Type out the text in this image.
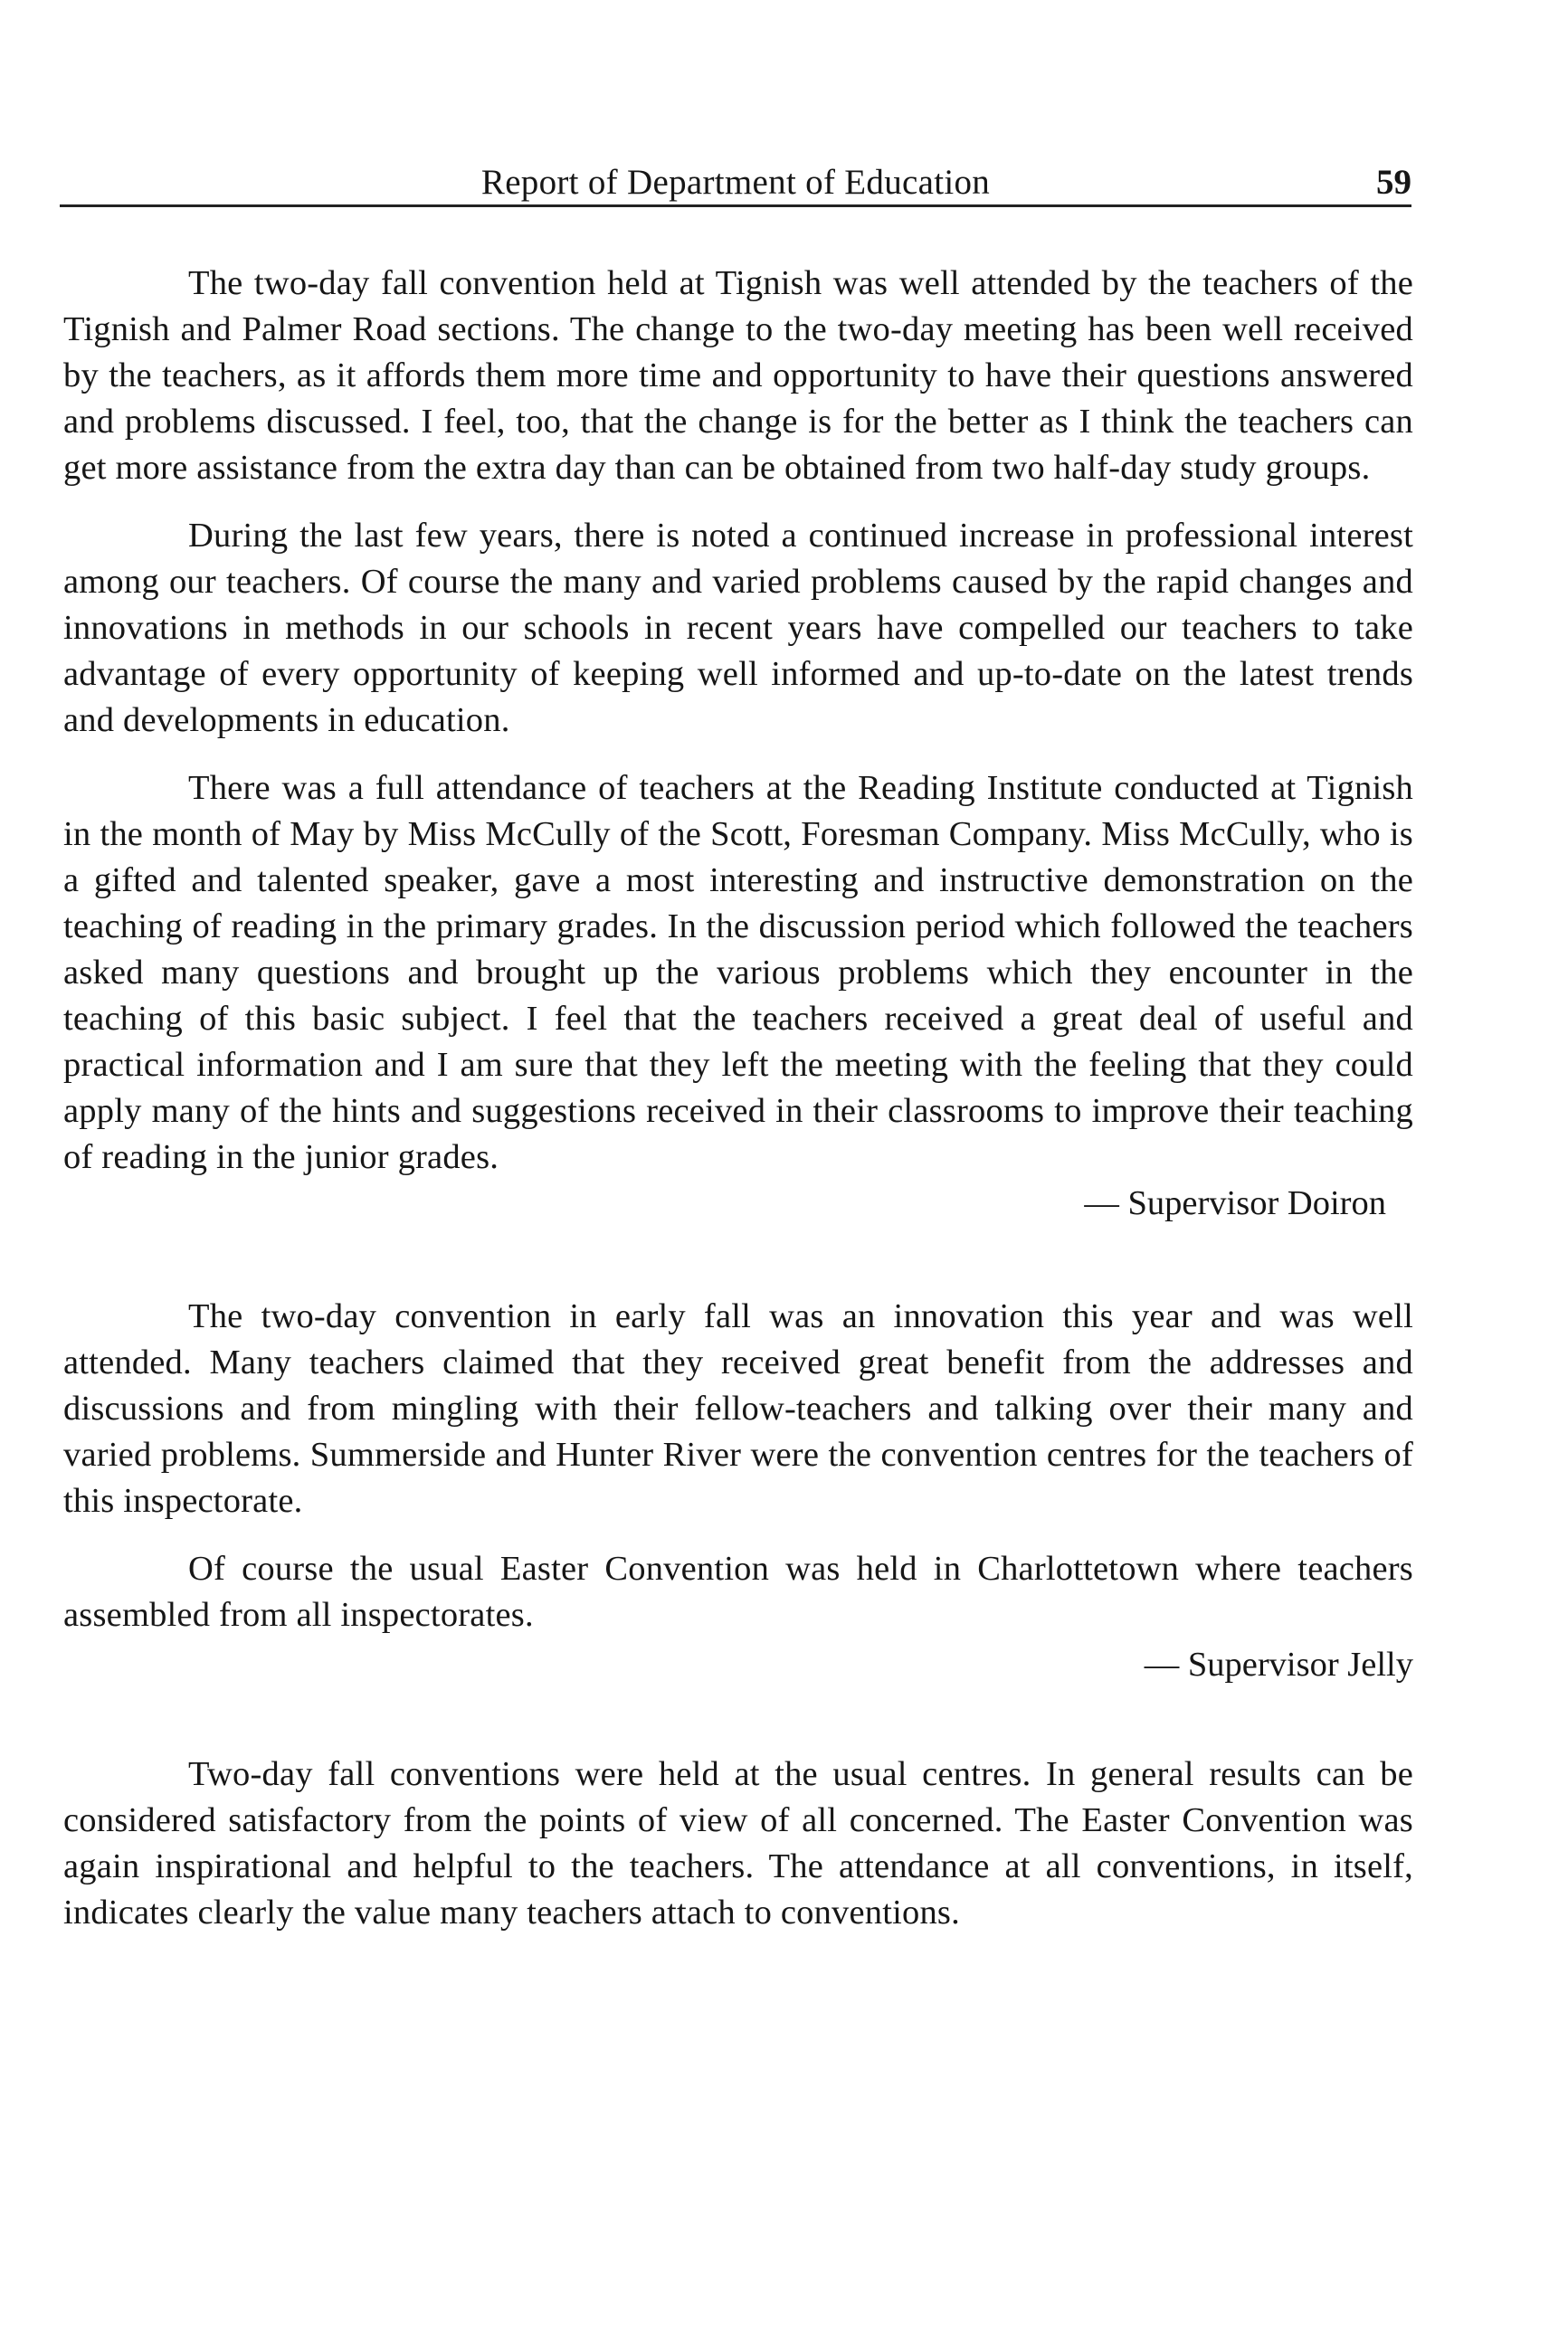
Report of Department of Education	59

The two-day fall convention held at Tignish was well attended by the teachers of the Tignish and Palmer Road sections. The change to the two-day meeting has been well received by the teachers, as it affords them more time and opportunity to have their questions answered and problems discussed. I feel, too, that the change is for the better as I think the teachers can get more assistance from the extra day than can be obtained from two half-day study groups.

During the last few years, there is noted a continued increase in professional interest among our teachers. Of course the many and varied problems caused by the rapid changes and innovations in methods in our schools in recent years have compelled our teachers to take advantage of every opportunity of keeping well informed and up-to-date on the latest trends and developments in education.

There was a full attendance of teachers at the Reading Institute conducted at Tignish in the month of May by Miss McCully of the Scott, Foresman Company. Miss McCully, who is a gifted and talented speaker, gave a most interesting and instructive demonstration on the teaching of reading in the primary grades. In the discussion period which followed the teachers asked many questions and brought up the various problems which they encounter in the teaching of this basic subject. I feel that the teachers received a great deal of useful and practical information and I am sure that they left the meeting with the feeling that they could apply many of the hints and suggestions received in their classrooms to improve their teaching of reading in the junior grades.

— Supervisor Doiron

The two-day convention in early fall was an innovation this year and was well attended. Many teachers claimed that they received great benefit from the addresses and discussions and from mingling with their fellow-teachers and talking over their many and varied problems. Summerside and Hunter River were the convention centres for the teachers of this inspectorate.

Of course the usual Easter Convention was held in Charlottetown where teachers assembled from all inspectorates.

— Supervisor Jelly

Two-day fall conventions were held at the usual centres. In general results can be considered satisfactory from the points of view of all concerned. The Easter Convention was again inspirational and helpful to the teachers. The attendance at all conventions, in itself, indicates clearly the value many teachers attach to conventions.
